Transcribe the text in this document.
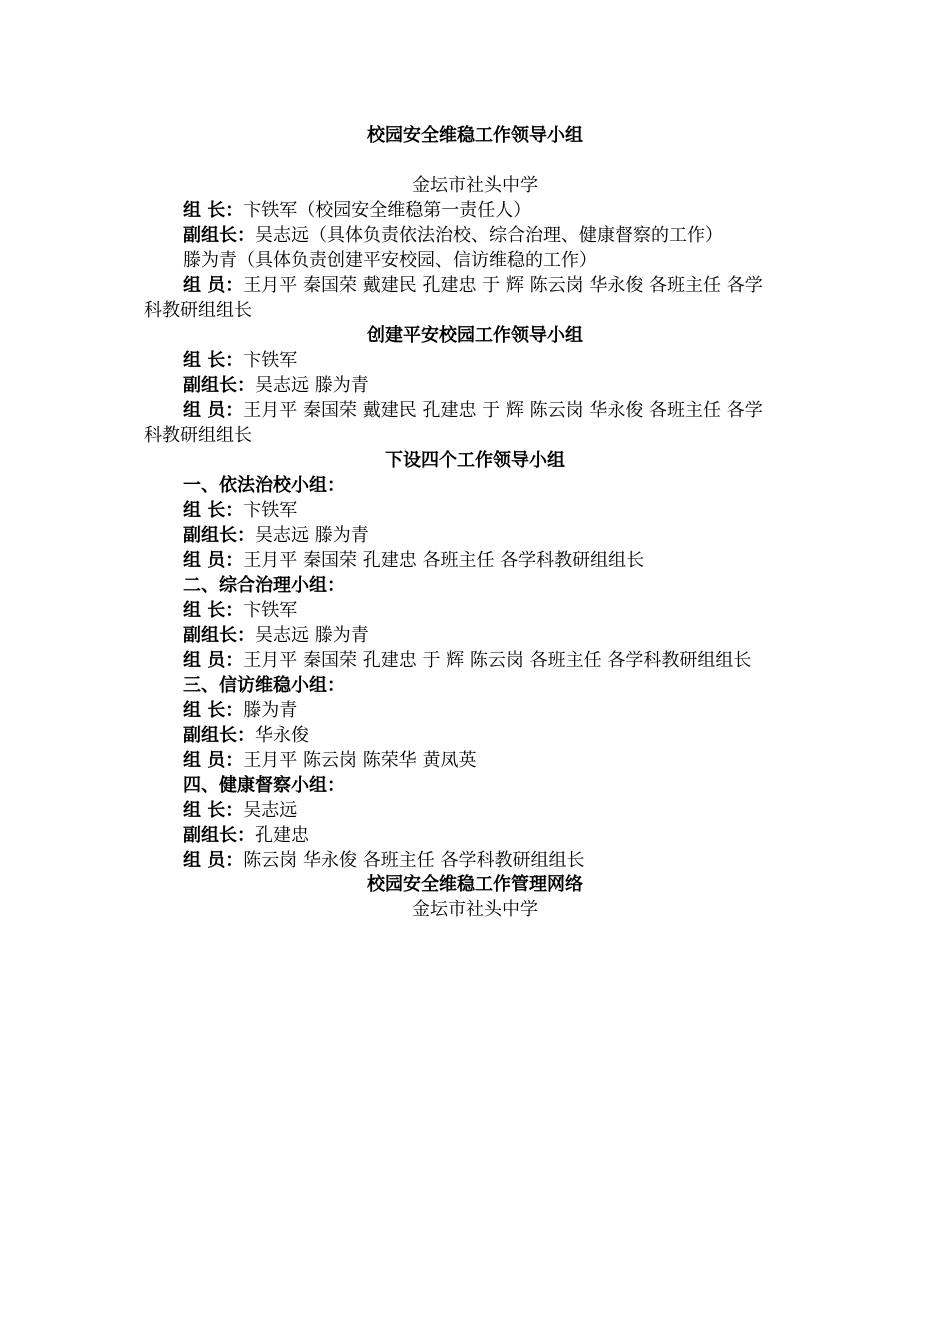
校园安全维稳工作领导小组

金坛市社头中学

组 长：卞铁军（校园安全维稳第一责任人）

副组长：吴志远（具体负责依法治校、综合治理、健康督察的工作）

滕为青（具体负责创建平安校园、信访维稳的工作）

组 员：王月平 秦国荣 戴建民 孔建忠 于 辉 陈云岗 华永俊 各班主任 各学

科教研组组长

创建平安校园工作领导小组

组 长：卞铁军

副组长：吴志远 滕为青

组 员：王月平 秦国荣 戴建民 孔建忠 于 辉 陈云岗 华永俊 各班主任 各学

科教研组组长

下设四个工作领导小组

一、依法治校小组：

组 长：卞铁军

副组长：吴志远 滕为青

组 员：王月平 秦国荣 孔建忠 各班主任 各学科教研组组长

二、综合治理小组：

组 长：卞铁军

副组长：吴志远 滕为青

组 员：王月平 秦国荣 孔建忠 于 辉 陈云岗 各班主任 各学科教研组组长

三、信访维稳小组：

组 长：滕为青

副组长：华永俊

组 员：王月平 陈云岗 陈荣华 黄凤英

四、健康督察小组：

组 长：吴志远

副组长：孔建忠

组 员：陈云岗 华永俊 各班主任 各学科教研组组长

校园安全维稳工作管理网络

金坛市社头中学
